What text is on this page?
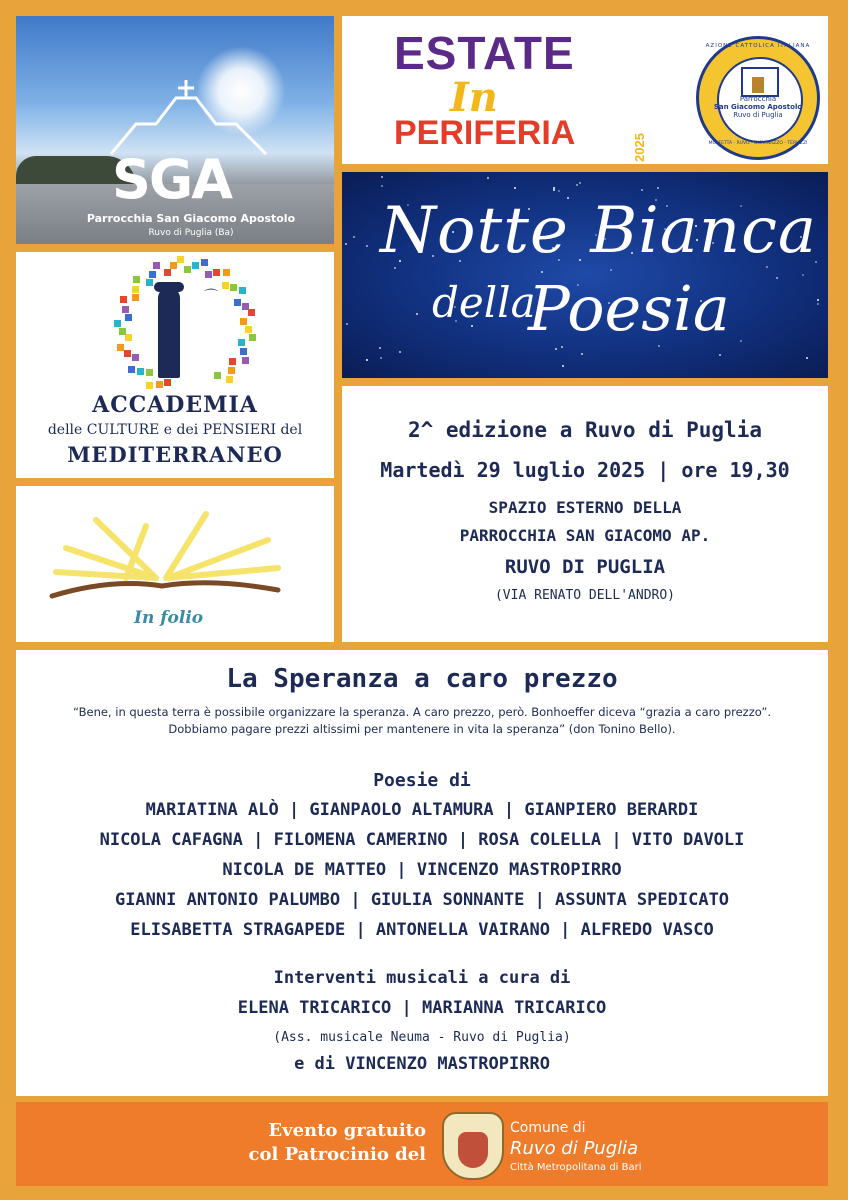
SGA
Parrocchia San Giacomo Apostolo
Ruvo di Puglia (Ba)
ESTATE
In
PERIFERIA	2025
AZIONE CATTOLICA ITALIANA
Parrocchia
San Giacomo Apostolo
Ruvo di Puglia
MOLFETTA - RUVO - GIOVINAZZO - TERLIZZI
Notte Bianca
della
Poesia
⌒
ACCADEMIA
delle CULTURE e dei PENSIERI del
MEDITERRANEO
In folio
2^ edizione a Ruvo di Puglia
Martedì 29 luglio 2025 | ore 19,30
SPAZIO ESTERNO DELLA
PARROCCHIA SAN GIACOMO AP.
RUVO DI PUGLIA
(VIA RENATO DELL'ANDRO)
La Speranza a caro prezzo
“Bene, in questa terra è possibile organizzare la speranza. A caro prezzo, però. Bonhoeffer diceva “grazia a caro prezzo”. Dobbiamo pagare prezzi altissimi per mantenere in vita la speranza” (don Tonino Bello).
Poesie di
MARIATINA ALÒ | GIANPAOLO ALTAMURA | GIANPIERO BERARDI
NICOLA CAFAGNA | FILOMENA CAMERINO | ROSA COLELLA | VITO DAVOLI
NICOLA DE MATTEO | VINCENZO MASTROPIRRO
GIANNI ANTONIO PALUMBO | GIULIA SONNANTE | ASSUNTA SPEDICATO
ELISABETTA STRAGAPEDE | ANTONELLA VAIRANO | ALFREDO VASCO
Interventi musicali a cura di
ELENA TRICARICO | MARIANNA TRICARICO
(Ass. musicale Neuma - Ruvo di Puglia)
e di VINCENZO MASTROPIRRO
Evento gratuito
col Patrocinio del
Comune di
Ruvo di Puglia
Città Metropolitana di Bari
